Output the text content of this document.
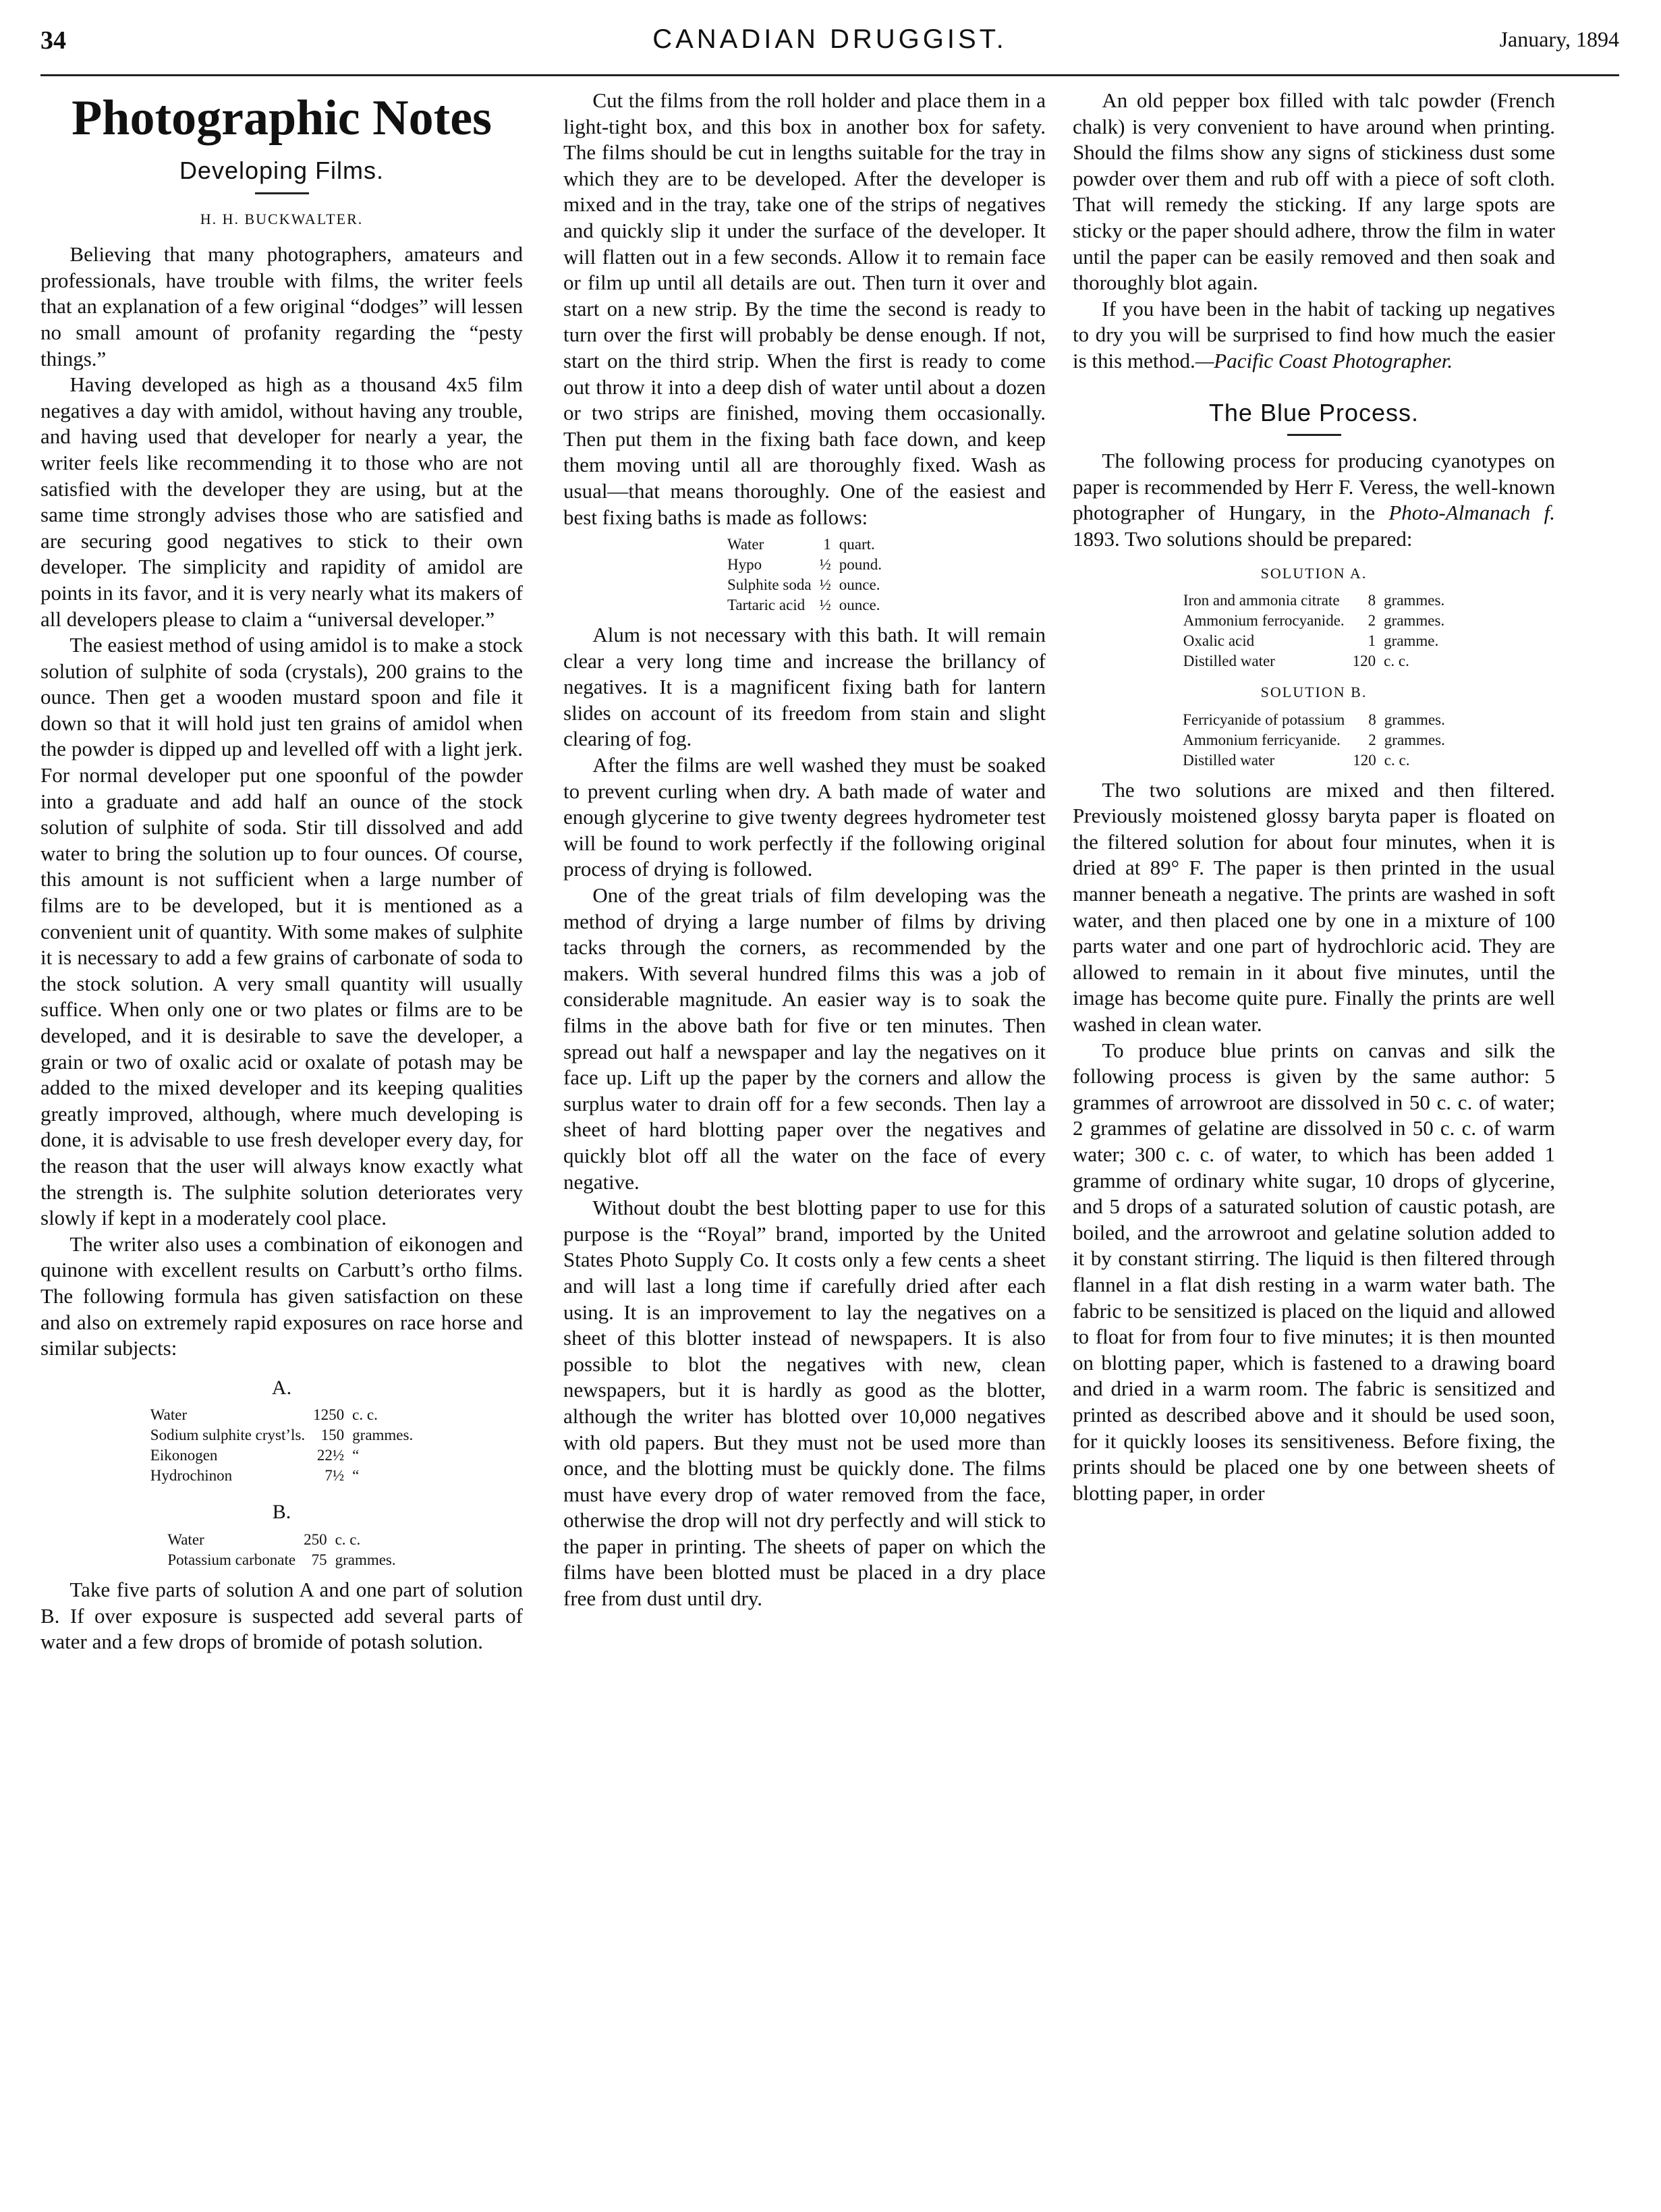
34	CANADIAN DRUGGIST.	January, 1894
Photographic Notes
Developing Films.
H. H. BUCKWALTER.

Believing that many photographers, amateurs and professionals, have trouble with films, the writer feels that an explanation of a few original “dodges” will lessen no small amount of profanity regarding the “pesty things.”

Having developed as high as a thousand 4x5 film negatives a day with amidol, without having any trouble, and having used that developer for nearly a year, the writer feels like recommending it to those who are not satisfied with the developer they are using, but at the same time strongly advises those who are satisfied and are securing good negatives to stick to their own developer. The simplicity and rapidity of amidol are points in its favor, and it is very nearly what its makers of all developers please to claim a “universal developer.”

The easiest method of using amidol is to make a stock solution of sulphite of soda (crystals), 200 grains to the ounce. Then get a wooden mustard spoon and file it down so that it will hold just ten grains of amidol when the powder is dipped up and levelled off with a light jerk. For normal developer put one spoonful of the powder into a graduate and add half an ounce of the stock solution of sulphite of soda. Stir till dissolved and add water to bring the solution up to four ounces. Of course, this amount is not sufficient when a large number of films are to be developed, but it is mentioned as a convenient unit of quantity. With some makes of sulphite it is necessary to add a few grains of carbonate of soda to the stock solution. A very small quantity will usually suffice. When only one or two plates or films are to be developed, and it is desirable to save the developer, a grain or two of oxalic acid or oxalate of potash may be added to the mixed developer and its keeping qualities greatly improved, although, where much developing is done, it is advisable to use fresh developer every day, for the reason that the user will always know exactly what the strength is. The sulphite solution deteriorates very slowly if kept in a moderately cool place.

The writer also uses a combination of eikonogen and quinone with excellent results on Carbutt’s ortho films. The following formula has given satisfaction on these and also on extremely rapid exposures on race horse and similar subjects:

A.
Water	1250	c. c.
Sodium sulphite cryst’ls.	150	grammes.
Eikonogen	22½	“
Hydrochinon	7½	“
B.
Water	250	c. c.
Potassium carbonate	75	grammes.

Take five parts of solution A and one part of solution B. If over exposure is suspected add several parts of water and a few drops of bromide of potash solution.

Cut the films from the roll holder and place them in a light-tight box, and this box in another box for safety. The films should be cut in lengths suitable for the tray in which they are to be developed. After the developer is mixed and in the tray, take one of the strips of negatives and quickly slip it under the surface of the developer. It will flatten out in a few seconds. Allow it to remain face or film up until all details are out. Then turn it over and start on a new strip. By the time the second is ready to turn over the first will probably be dense enough. If not, start on the third strip. When the first is ready to come out throw it into a deep dish of water until about a dozen or two strips are finished, moving them occasionally. Then put them in the fixing bath face down, and keep them moving until all are thoroughly fixed. Wash as usual—that means thoroughly. One of the easiest and best fixing baths is made as follows:

Water	1	quart.
Hypo	½	pound.
Sulphite soda	½	ounce.
Tartaric acid	½	ounce.

Alum is not necessary with this bath. It will remain clear a very long time and increase the brillancy of negatives. It is a magnificent fixing bath for lantern slides on account of its freedom from stain and slight clearing of fog.

After the films are well washed they must be soaked to prevent curling when dry. A bath made of water and enough glycerine to give twenty degrees hydrometer test will be found to work perfectly if the following original process of drying is followed.

One of the great trials of film developing was the method of drying a large number of films by driving tacks through the corners, as recommended by the makers. With several hundred films this was a job of considerable magnitude. An easier way is to soak the films in the above bath for five or ten minutes. Then spread out half a newspaper and lay the negatives on it face up. Lift up the paper by the corners and allow the surplus water to drain off for a few seconds. Then lay a sheet of hard blotting paper over the negatives and quickly blot off all the water on the face of every negative.

Without doubt the best blotting paper to use for this purpose is the “Royal” brand, imported by the United States Photo Supply Co. It costs only a few cents a sheet and will last a long time if carefully dried after each using. It is an improvement to lay the negatives on a sheet of this blotter instead of newspapers. It is also possible to blot the negatives with new, clean newspapers, but it is hardly as good as the blotter, although the writer has blotted over 10,000 negatives with old papers. But they must not be used more than once, and the blotting must be quickly done. The films must have every drop of water removed from the face, otherwise the drop will not dry perfectly and will stick to the paper in printing. The sheets of paper on which the films have been blotted must be placed in a dry place free from dust until dry.

An old pepper box filled with talc powder (French chalk) is very convenient to have around when printing. Should the films show any signs of stickiness dust some powder over them and rub off with a piece of soft cloth. That will remedy the sticking. If any large spots are sticky or the paper should adhere, throw the film in water until the paper can be easily removed and then soak and thoroughly blot again.

If you have been in the habit of tacking up negatives to dry you will be surprised to find how much the easier is this method.—Pacific Coast Photographer.

The Blue Process.

The following process for producing cyanotypes on paper is recommended by Herr F. Veress, the well-known photographer of Hungary, in the Photo-Almanach f. 1893. Two solutions should be prepared:

SOLUTION A.
Iron and ammonia citrate	8	grammes.
Ammonium ferrocyanide.	2	grammes.
Oxalic acid	1	gramme.
Distilled water	120	c. c.
SOLUTION B.
Ferricyanide of potassium	8	grammes.
Ammonium ferricyanide.	2	grammes.
Distilled water	120	c. c.

The two solutions are mixed and then filtered. Previously moistened glossy baryta paper is floated on the filtered solution for about four minutes, when it is dried at 89° F. The paper is then printed in the usual manner beneath a negative. The prints are washed in soft water, and then placed one by one in a mixture of 100 parts water and one part of hydrochloric acid. They are allowed to remain in it about five minutes, until the image has become quite pure. Finally the prints are well washed in clean water.

To produce blue prints on canvas and silk the following process is given by the same author: 5 grammes of arrowroot are dissolved in 50 c. c. of water; 2 grammes of gelatine are dissolved in 50 c. c. of warm water; 300 c. c. of water, to which has been added 1 gramme of ordinary white sugar, 10 drops of glycerine, and 5 drops of a saturated solution of caustic potash, are boiled, and the arrowroot and gelatine solution added to it by constant stirring. The liquid is then filtered through flannel in a flat dish resting in a warm water bath. The fabric to be sensitized is placed on the liquid and allowed to float for from four to five minutes; it is then mounted on blotting paper, which is fastened to a drawing board and dried in a warm room. The fabric is sensitized and printed as described above and it should be used soon, for it quickly looses its sensitiveness. Before fixing, the prints should be placed one by one between sheets of blotting paper, in order
